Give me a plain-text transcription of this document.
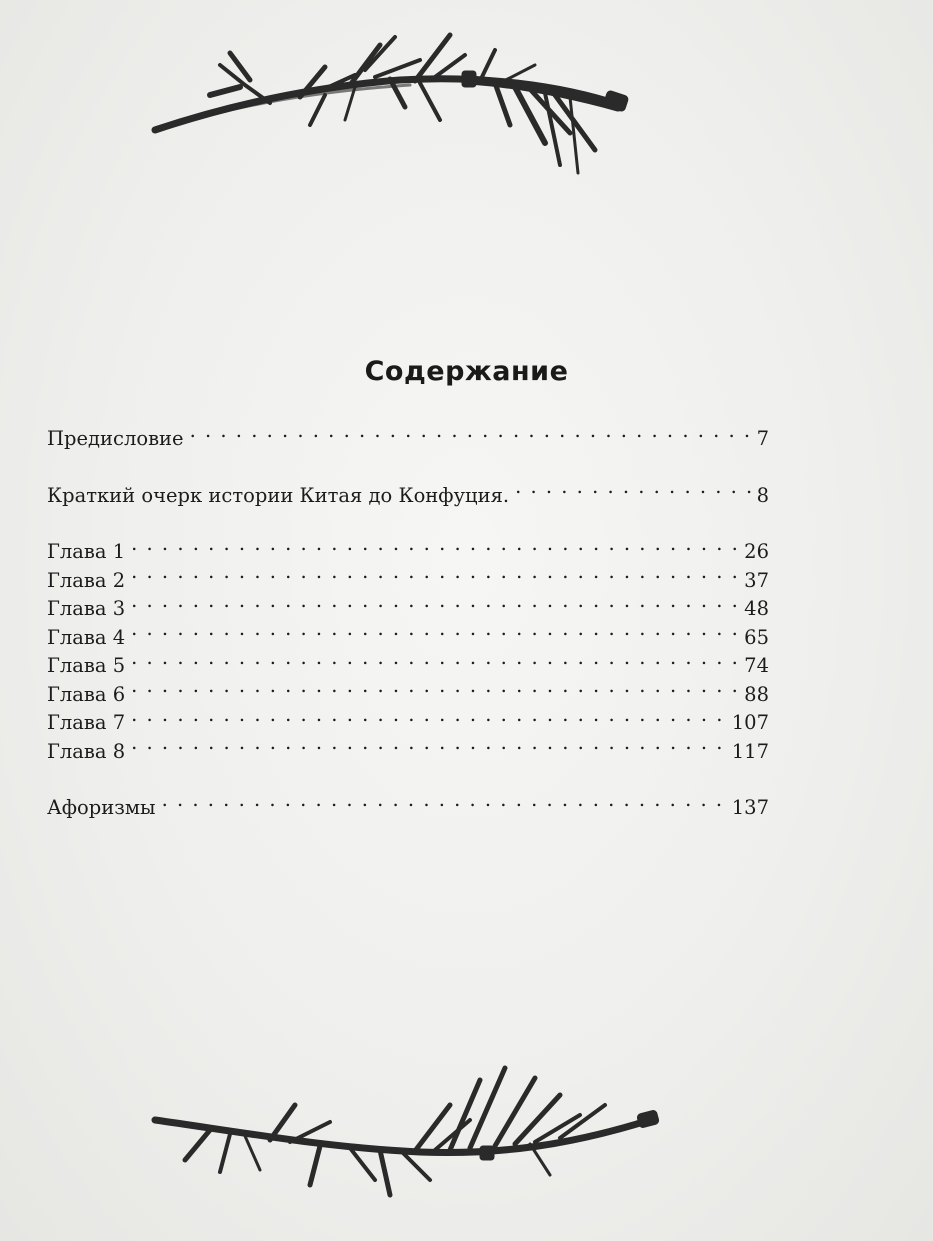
Содержание
Предисловие . . .	7
Краткий очерк истории Китая до Конфуция. . . .	8
Глава 1 . . .	26
Глава 2 . . .	37
Глава 3 . . .	48
Глава 4 . . .	65
Глава 5 . . .	74
Глава 6 . . .	88
Глава 7 . . .	107
Глава 8 . . .	117
Афоризмы . . .	137
